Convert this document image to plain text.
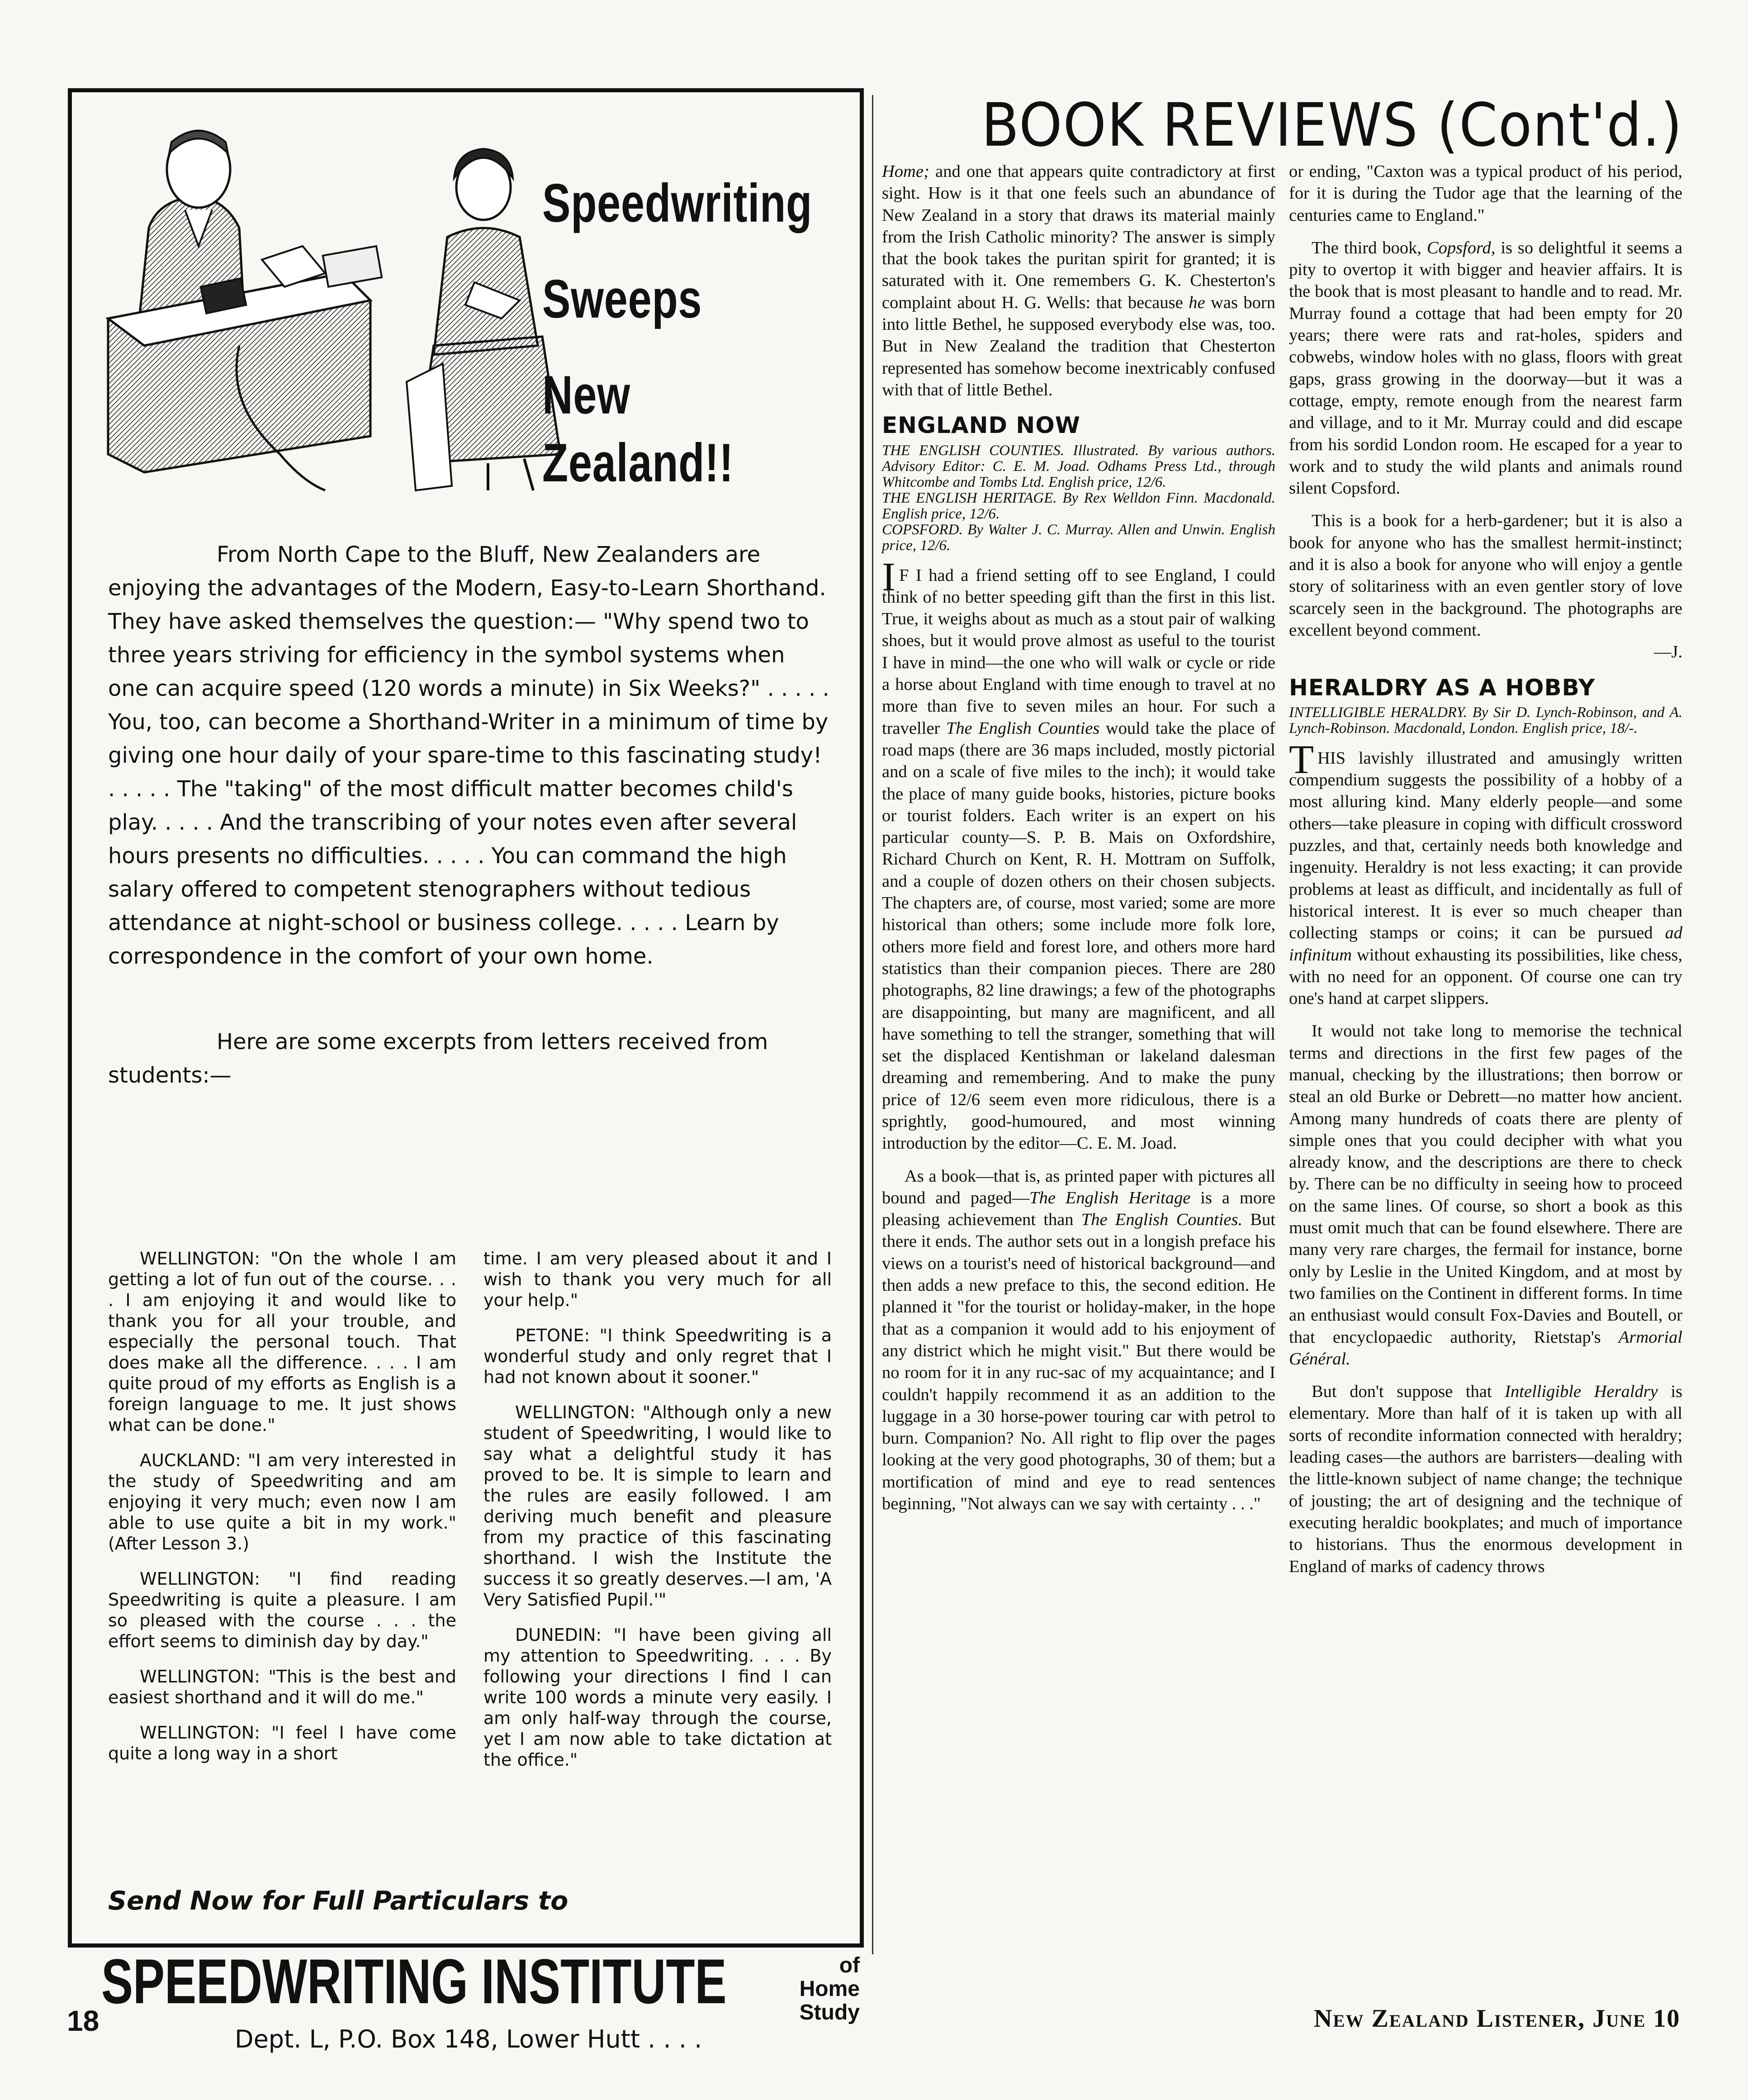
Speedwriting
Sweeps
New Zealand!!

From North Cape to the Bluff, New Zealanders are enjoying the advantages of the Modern, Easy-to-Learn Shorthand. They have asked themselves the question:— "Why spend two to three years striving for efficiency in the symbol systems when one can acquire speed (120 words a minute) in Six Weeks?" . . . . . You, too, can become a Shorthand-Writer in a minimum of time by giving one hour daily of your spare-time to this fascinating study! . . . . . The "taking" of the most difficult matter becomes child's play. . . . . And the transcribing of your notes even after several hours presents no difficulties. . . . . You can command the high salary offered to competent stenographers without tedious attendance at night-school or business college. . . . . Learn by correspondence in the comfort of your own home.

Here are some excerpts from letters received from students:—

WELLINGTON: "On the whole I am getting a lot of fun out of the course. . . . I am enjoying it and would like to thank you for all your trouble, and especially the personal touch. That does make all the difference. . . . I am quite proud of my efforts as English is a foreign language to me. It just shows what can be done."

AUCKLAND: "I am very interested in the study of Speedwriting and am enjoying it very much; even now I am able to use quite a bit in my work." (After Lesson 3.)

WELLINGTON: "I find reading Speedwriting is quite a pleasure. I am so pleased with the course . . . the effort seems to diminish day by day."

WELLINGTON: "This is the best and easiest shorthand and it will do me."

WELLINGTON: "I feel I have come quite a long way in a short

time. I am very pleased about it and I wish to thank you very much for all your help."

PETONE: "I think Speedwriting is a wonderful study and only regret that I had not known about it sooner."

WELLINGTON: "Although only a new student of Speedwriting, I would like to say what a delightful study it has proved to be. It is simple to learn and the rules are easily followed. I am deriving much benefit and pleasure from my practice of this fascinating shorthand. I wish the Institute the success it so greatly deserves.—I am, 'A Very Satisfied Pupil.'"

DUNEDIN: "I have been giving all my attention to Speedwriting. . . . By following your directions I find I can write 100 words a minute very easily. I am only half-way through the course, yet I am now able to take dictation at the office."

Send Now for Full Particulars to
SPEEDWRITING INSTITUTE	of Home
Study
Dept. L, P.O. Box 148, Lower Hutt . . . .
BOOK REVIEWS (Cont'd.)

Home; and one that appears quite contradictory at first sight. How is it that one feels such an abundance of New Zealand in a story that draws its material mainly from the Irish Catholic minority? The answer is simply that the book takes the puritan spirit for granted; it is saturated with it. One remembers G. K. Chesterton's complaint about H. G. Wells: that because he was born into little Bethel, he supposed everybody else was, too. But in New Zealand the tradition that Chesterton represented has somehow become inextricably confused with that of little Bethel.

ENGLAND NOW

THE ENGLISH COUNTIES. Illustrated. By various authors. Advisory Editor: C. E. M. Joad. Odhams Press Ltd., through Whitcombe and Tombs Ltd. English price, 12/6.

THE ENGLISH HERITAGE. By Rex Welldon Finn. Macdonald. English price, 12/6.

COPSFORD. By Walter J. C. Murray. Allen and Unwin. English price, 12/6.

IF I had a friend setting off to see England, I could think of no better speeding gift than the first in this list. True, it weighs about as much as a stout pair of walking shoes, but it would prove almost as useful to the tourist I have in mind—the one who will walk or cycle or ride a horse about England with time enough to travel at no more than five to seven miles an hour. For such a traveller The English Counties would take the place of road maps (there are 36 maps included, mostly pictorial and on a scale of five miles to the inch); it would take the place of many guide books, histories, picture books or tourist folders. Each writer is an expert on his particular county—S. P. B. Mais on Oxfordshire, Richard Church on Kent, R. H. Mottram on Suffolk, and a couple of dozen others on their chosen subjects. The chapters are, of course, most varied; some are more historical than others; some include more folk lore, others more field and forest lore, and others more hard statistics than their companion pieces. There are 280 photographs, 82 line drawings; a few of the photographs are disappointing, but many are magnificent, and all have something to tell the stranger, something that will set the displaced Kentishman or lakeland dalesman dreaming and remembering. And to make the puny price of 12/6 seem even more ridiculous, there is a sprightly, good-humoured, and most winning introduction by the editor—C. E. M. Joad.

As a book—that is, as printed paper with pictures all bound and paged—The English Heritage is a more pleasing achievement than The English Counties. But there it ends. The author sets out in a longish preface his views on a tourist's need of historical background—and then adds a new preface to this, the second edition. He planned it "for the tourist or holiday-maker, in the hope that as a companion it would add to his enjoyment of any district which he might visit." But there would be no room for it in any ruc-sac of my acquaintance; and I couldn't happily recommend it as an addition to the luggage in a 30 horse-power touring car with petrol to burn. Companion? No. All right to flip over the pages looking at the very good photographs, 30 of them; but a mortification of mind and eye to read sentences beginning, "Not always can we say with certainty . . ."

or ending, "Caxton was a typical product of his period, for it is during the Tudor age that the learning of the centuries came to England."

The third book, Copsford, is so delightful it seems a pity to overtop it with bigger and heavier affairs. It is the book that is most pleasant to handle and to read. Mr. Murray found a cottage that had been empty for 20 years; there were rats and rat-holes, spiders and cobwebs, window holes with no glass, floors with great gaps, grass growing in the doorway—but it was a cottage, empty, remote enough from the nearest farm and village, and to it Mr. Murray could and did escape from his sordid London room. He escaped for a year to work and to study the wild plants and animals round silent Copsford.

This is a book for a herb-gardener; but it is also a book for anyone who has the smallest hermit-instinct; and it is also a book for anyone who will enjoy a gentle story of solitariness with an even gentler story of love scarcely seen in the background. The photographs are excellent beyond comment.

—J.

HERALDRY AS A HOBBY

INTELLIGIBLE HERALDRY. By Sir D. Lynch-Robinson, and A. Lynch-Robinson. Macdonald, London. English price, 18/-.

THIS lavishly illustrated and amusingly written compendium suggests the possibility of a hobby of a most alluring kind. Many elderly people—and some others—take pleasure in coping with difficult crossword puzzles, and that, certainly needs both knowledge and ingenuity. Heraldry is not less exacting; it can provide problems at least as difficult, and incidentally as full of historical interest. It is ever so much cheaper than collecting stamps or coins; it can be pursued ad infinitum without exhausting its possibilities, like chess, with no need for an opponent. Of course one can try one's hand at carpet slippers.

It would not take long to memorise the technical terms and directions in the first few pages of the manual, checking by the illustrations; then borrow or steal an old Burke or Debrett—no matter how ancient. Among many hundreds of coats there are plenty of simple ones that you could decipher with what you already know, and the descriptions are there to check by. There can be no difficulty in seeing how to proceed on the same lines. Of course, so short a book as this must omit much that can be found elsewhere. There are many very rare charges, the fermail for instance, borne only by Leslie in the United Kingdom, and at most by two families on the Continent in different forms. In time an enthusiast would consult Fox-Davies and Boutell, or that encyclopaedic authority, Rietstap's Armorial Général.

But don't suppose that Intelligible Heraldry is elementary. More than half of it is taken up with all sorts of recondite information connected with heraldry; leading cases—the authors are barristers—dealing with the little-known subject of name change; the technique of jousting; the art of designing and the technique of executing heraldic bookplates; and much of importance to historians. Thus the enormous development in England of marks of cadency throws

18	New Zealand Listener, June 10
